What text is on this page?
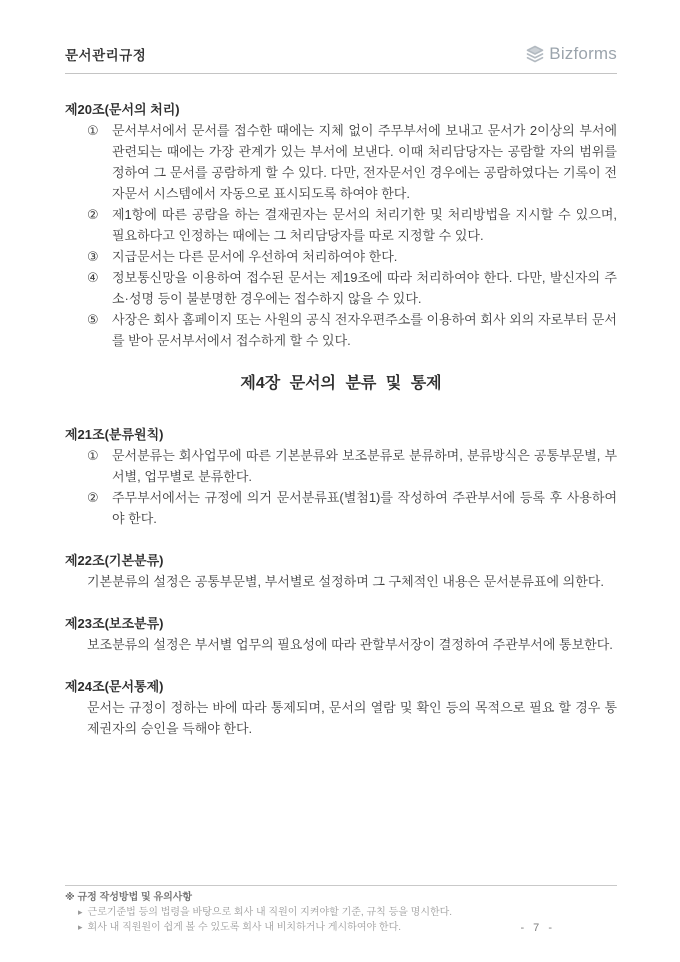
문서관리규정	Bizforms
제20조(문서의 처리)
①	문서부서에서 문서를 접수한 때에는 지체 없이 주무부서에 보내고 문서가 2이상의 부서에 관련되는 때에는 가장 관계가 있는 부서에 보낸다. 이때 처리담당자는 공람할 자의 범위를 정하여 그 문서를 공람하게 할 수 있다. 다만, 전자문서인 경우에는 공람하였다는 기록이 전자문서 시스템에서 자동으로 표시되도록 하여야 한다.
②	제1항에 따른 공람을 하는 결재권자는 문서의 처리기한 및 처리방법을 지시할 수 있으며, 필요하다고 인정하는 때에는 그 처리담당자를 따로 지정할 수 있다.
③	지급문서는 다른 문서에 우선하여 처리하여야 한다.
④	정보통신망을 이용하여 접수된 문서는 제19조에 따라 처리하여야 한다. 다만, 발신자의 주소·성명 등이 불분명한 경우에는 접수하지 않을 수 있다.
⑤	사장은 회사 홈페이지 또는 사원의 공식 전자우편주소를 이용하여 회사 외의 자로부터 문서를 받아 문서부서에서 접수하게 할 수 있다.
제4장 문서의 분류 및 통제
제21조(분류원칙)
①	문서분류는 회사업무에 따른 기본분류와 보조분류로 분류하며, 분류방식은 공통부문별, 부서별, 업무별로 분류한다.
②	주무부서에서는 규정에 의거 문서분류표(별첨1)를 작성하여 주관부서에 등록 후 사용하여야 한다.
제22조(기본분류)
기본분류의 설정은 공통부문별, 부서별로 설정하며 그 구체적인 내용은 문서분류표에 의한다.
제23조(보조분류)
보조분류의 설정은 부서별 업무의 필요성에 따라 관할부서장이 결정하여 주관부서에 통보한다.
제24조(문서통제)
문서는 규정이 정하는 바에 따라 통제되며, 문서의 열람 및 확인 등의 목적으로 필요 할 경우 통제권자의 승인을 득해야 한다.
※ 규정 작성방법 및 유의사항
▸ 근로기준법 등의 법령을 바탕으로 회사 내 직원이 지켜야할 기준, 규칙 등을 명시한다.
▸ 회사 내 직원원이 쉽게 볼 수 있도록 회사 내 비치하거나 게시하여야 한다.	- 7 -
